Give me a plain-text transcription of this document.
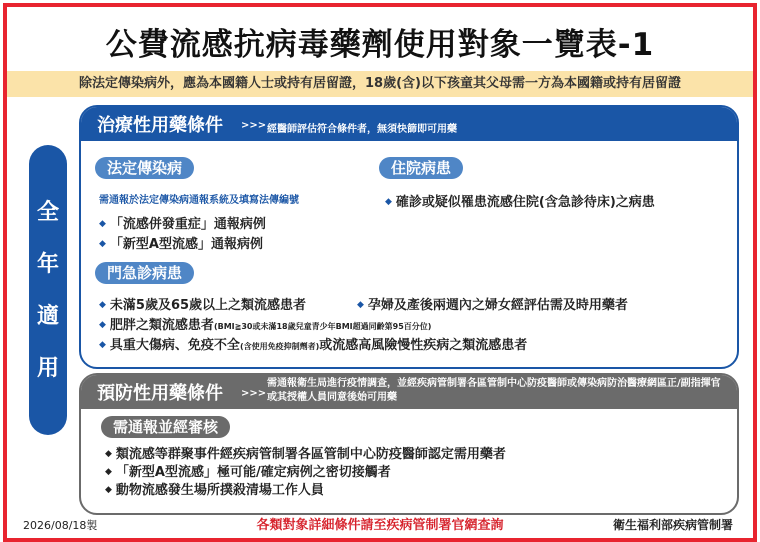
公費流感抗病毒藥劑使用對象一覽表-1
除法定傳染病外，應為本國籍人士或持有居留證，18歲(含)以下孩童其父母需一方為本國籍或持有居留證
全
年
適
用
治療性用藥條件 >>> 經醫師評估符合條件者，無須快篩即可用藥
法定傳染病
需通報於法定傳染病通報系統及填寫法傳編號
◆ 「流感併發重症」通報病例
◆ 「新型A型流感」通報病例
住院病患
◆ 確診或疑似罹患流感住院(含急診待床)之病患
門急診病患
◆ 未滿5歲及65歲以上之類流感患者	◆ 孕婦及產後兩週內之婦女經評估需及時用藥者
◆ 肥胖之類流感患者(BMI≧30或未滿18歲兒童青少年BMI超過同齡第95百分位)
◆ 具重大傷病、免疫不全(含使用免疫抑制劑者)或流感高風險慢性疾病之類流感患者
預防性用藥條件 >>>
需通報衛生局進行疫情調查，並經疾病管制署各區管制中心防疫醫師或傳染病防治醫療網區正/副指揮官或其授權人員同意後始可用藥
需通報並經審核
◆ 類流感等群聚事件經疾病管制署各區管制中心防疫醫師認定需用藥者
◆ 「新型A型流感」極可能/確定病例之密切接觸者
◆ 動物流感發生場所撲殺清場工作人員
2026/08/18製	各類對象詳細條件請至疾病管制署官網查詢	衛生福利部疾病管制署
